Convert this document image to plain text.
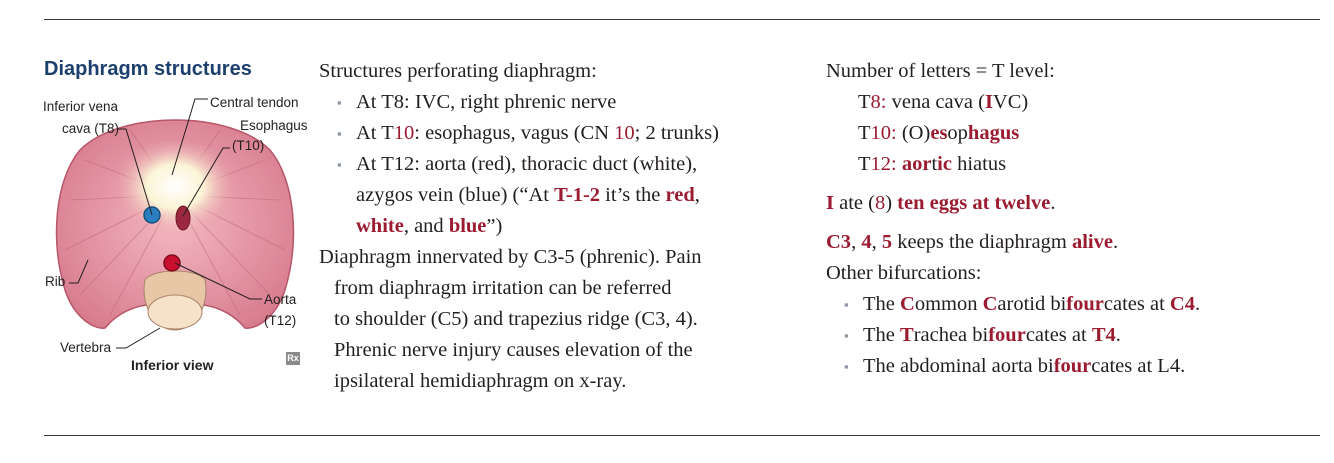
Diaphragm structures
Inferior vena
cava (T8)
Central tendon
Esophagus
(T10)
Rib
Aorta
(T12)
Vertebra
Inferior view	Rx
Structures perforating diaphragm:
▪ At T8: IVC, right phrenic nerve
▪ At T10: esophagus, vagus (CN 10; 2 trunks)
▪ At T12: aorta (red), thoracic duct (white),
azygos vein (blue) (“At T-1-2 it’s the red,
white, and blue”)
Diaphragm innervated by C3-5 (phrenic). Pain
from diaphragm irritation can be referred
to shoulder (C5) and trapezius ridge (C3, 4).
Phrenic nerve injury causes elevation of the
ipsilateral hemidiaphragm on x-ray.
Number of letters = T level:
T8: vena cava (IVC)
T10: (O)esophagus
T12: aortic hiatus
I ate (8) ten eggs at twelve.
C3, 4, 5 keeps the diaphragm alive.
Other bifurcations:
▪ The Common Carotid bifourcates at C4.
▪ The Trachea bifourcates at T4.
▪ The abdominal aorta bifourcates at L4.
